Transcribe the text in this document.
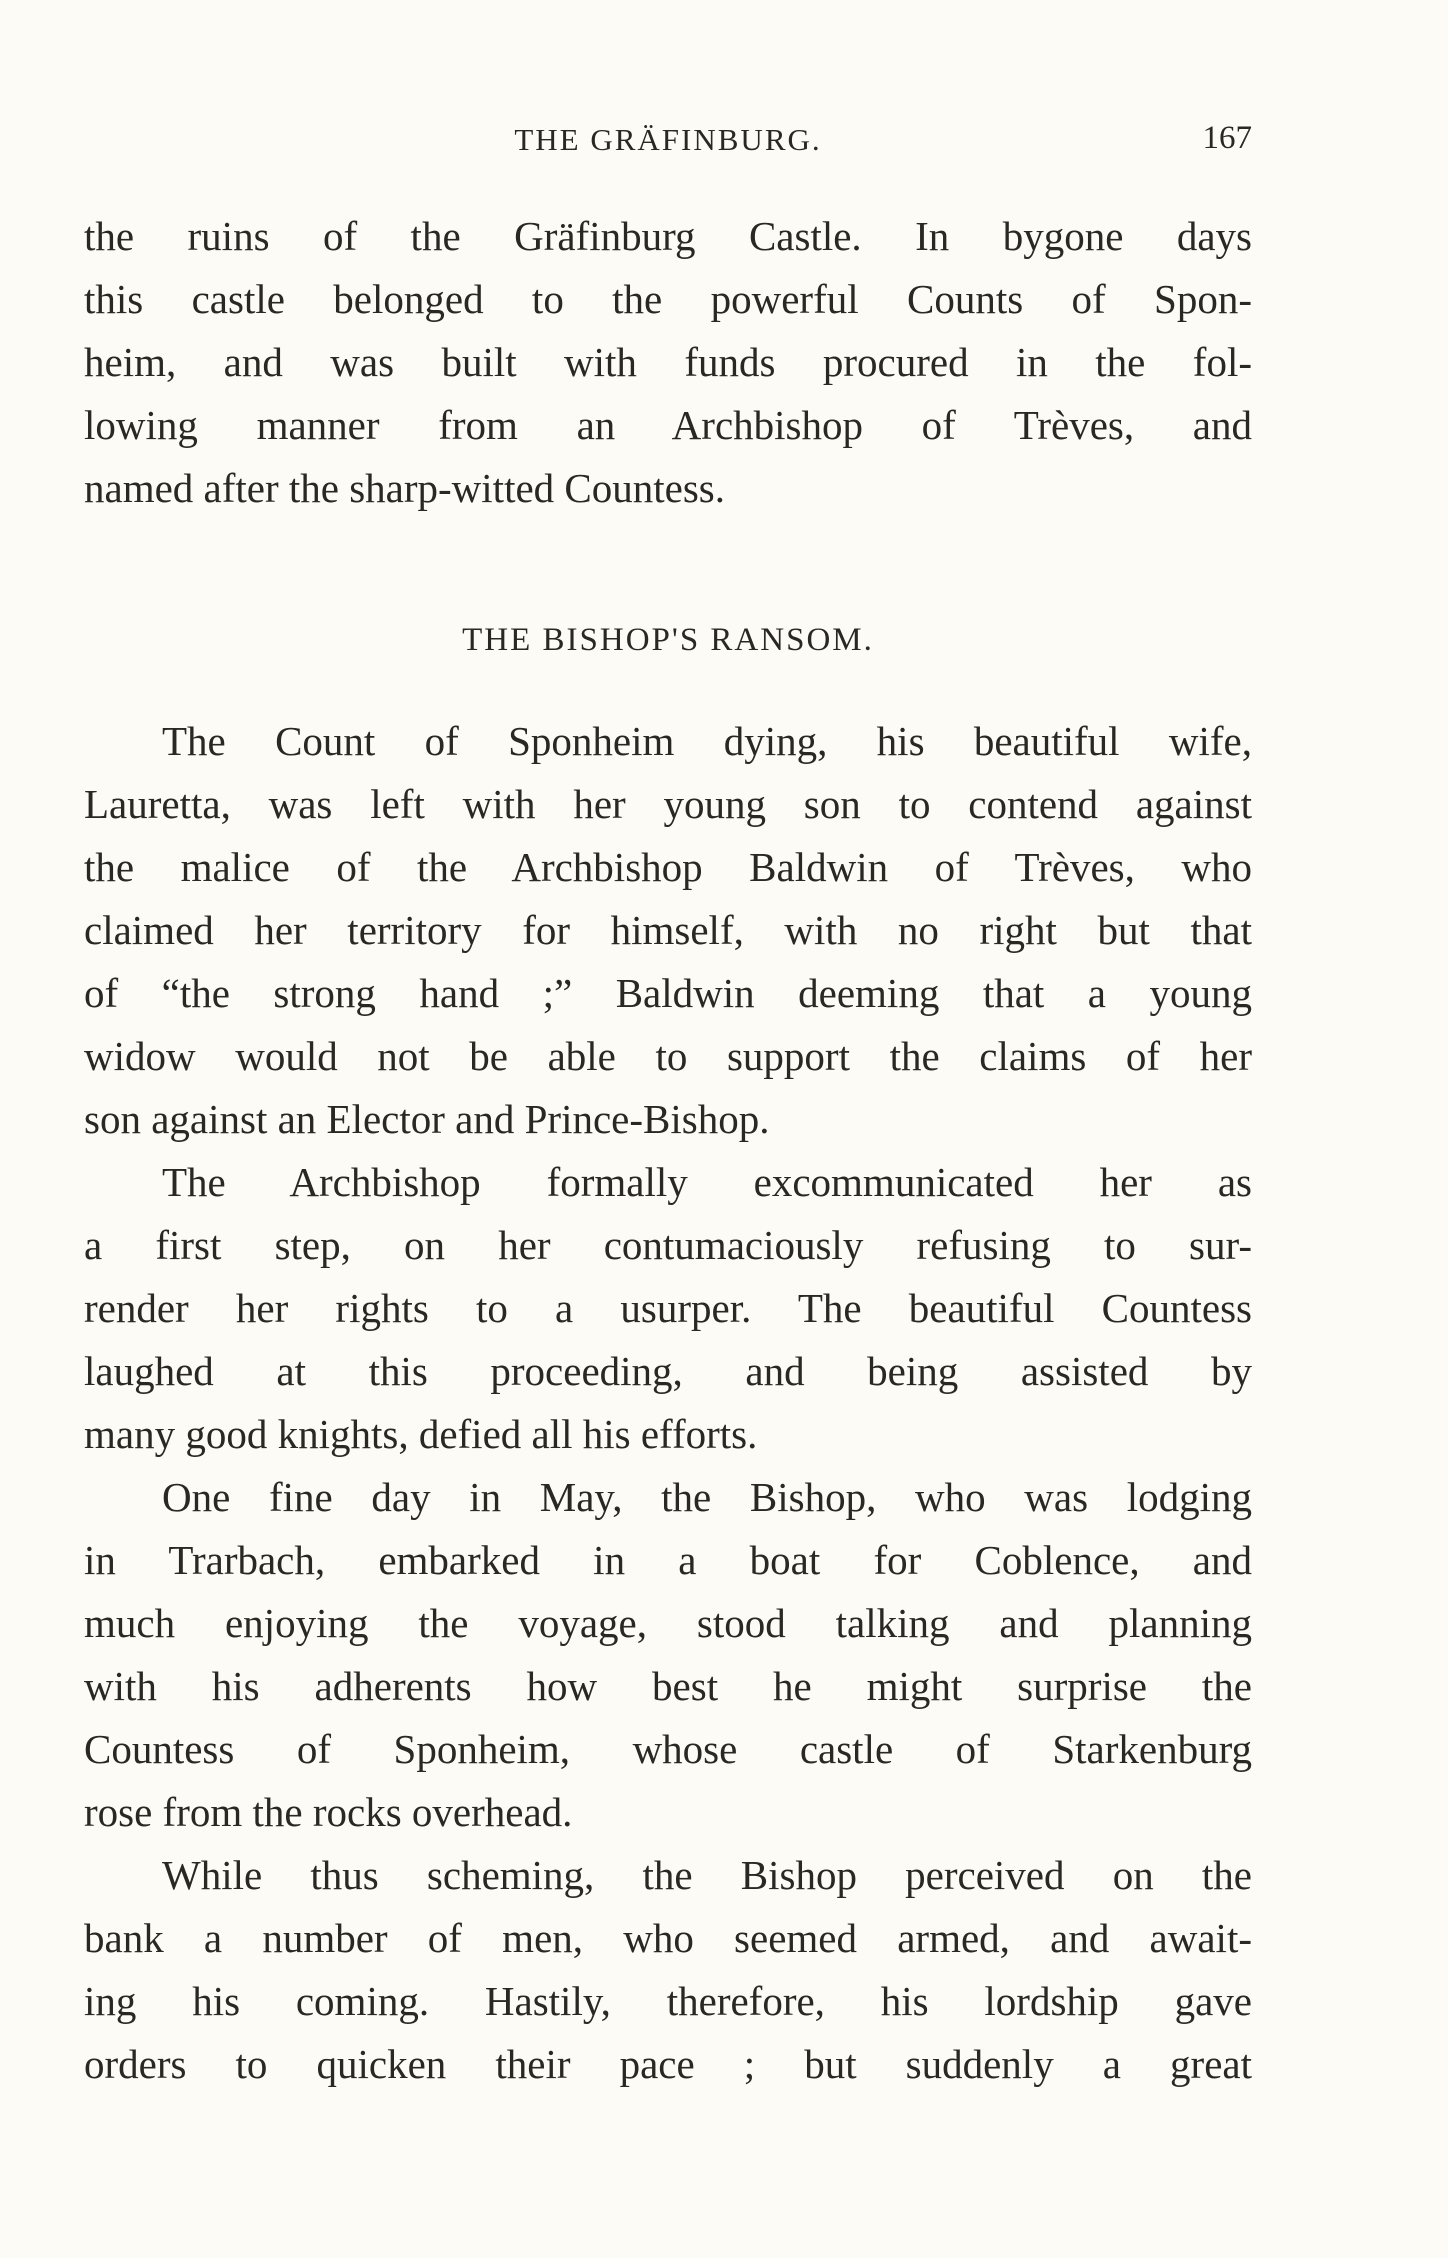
THE GRÄFINBURG.	167
the ruins of the Gräfinburg Castle. In bygone days
this castle belonged to the powerful Counts of Spon-
heim, and was built with funds procured in the fol-
lowing manner from an Archbishop of Trèves, and
named after the sharp-witted Countess.
THE BISHOP'S RANSOM.
The Count of Sponheim dying, his beautiful wife,
Lauretta, was left with her young son to contend against
the malice of the Archbishop Baldwin of Trèves, who
claimed her territory for himself, with no right but that
of “the strong hand ;” Baldwin deeming that a young
widow would not be able to support the claims of her
son against an Elector and Prince-Bishop.
The Archbishop formally excommunicated her as
a first step, on her contumaciously refusing to sur-
render her rights to a usurper. The beautiful Countess
laughed at this proceeding, and being assisted by
many good knights, defied all his efforts.
One fine day in May, the Bishop, who was lodging
in Trarbach, embarked in a boat for Coblence, and
much enjoying the voyage, stood talking and planning
with his adherents how best he might surprise the
Countess of Sponheim, whose castle of Starkenburg
rose from the rocks overhead.
While thus scheming, the Bishop perceived on the
bank a number of men, who seemed armed, and await-
ing his coming. Hastily, therefore, his lordship gave
orders to quicken their pace ; but suddenly a great
